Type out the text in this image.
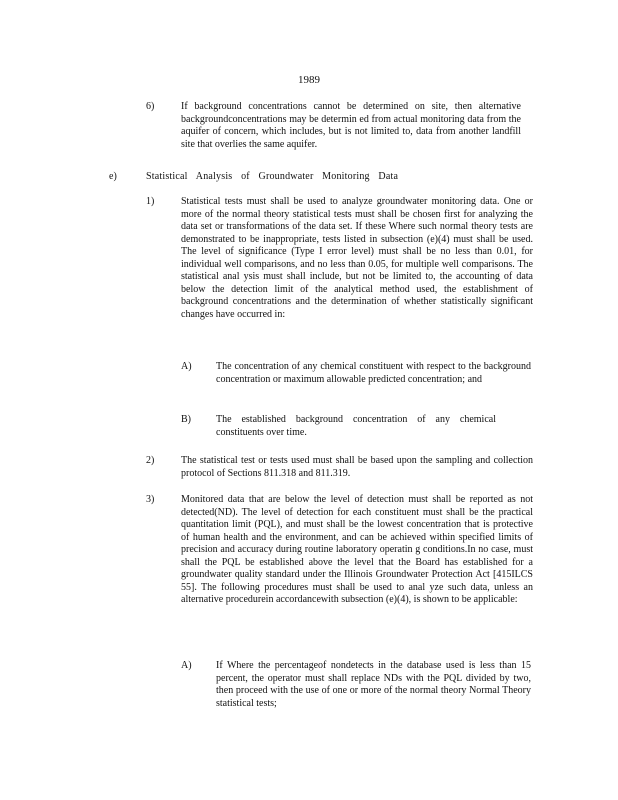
1989
6)	If background concentrations cannot be determined on site, then alternative backgroundconcentrations may be determin ed from actual monitoring data from the aquifer of concern, which includes, but is not limited to, data from another landfill site that overlies the same aquifer.
e)	Statistical Analysis of Groundwater Monitoring Data
1)	Statistical tests must shall be used to analyze groundwater monitoring data. One or more of the normal theory statistical tests must shall be chosen first for analyzing the data set or transformations of the data set. If these Where such normal theory tests are demonstrated to be inappropriate, tests listed in subsection (e)(4) must shall be used. The level of significance (Type I error level) must shall be no less than 0.01, for individual well comparisons, and no less than 0.05, for multiple well comparisons. The statistical anal ysis must shall include, but not be limited to, the accounting of data below the detection limit of the analytical method used, the establishment of background concentrations and the determination of whether statistically significant changes have occurred in:
A) The concentration of any chemical constituent with respect to the background concentration or maximum allowable predicted concentration; and
B)	The established background concentration of any chemical constituents over time.
2)	The statistical test or tests used must shall be based upon the sampling and collection protocol of Sections 811.318 and 811.319.
3)	Monitored data that are below the level of detection must shall be reported as not detected(ND). The level of detection for each constituent must shall be the practical quantitation limit (PQL), and must shall be the lowest concentration that is protective of human health and the environment, and can be achieved within specified limits of precision and accuracy during routine laboratory operatin g conditions.In no case, must shall the PQL be established above the level that the Board has established for a groundwater quality standard under the Illinois Groundwater Protection Act [415ILCS 55]. The following procedures must shall be used to anal yze such data, unless an alternative procedurein accordancewith subsection (e)(4), is shown to be applicable:
A) If Where the percentageof nondetects in the database used is less than 15 percent, the operator must shall replace NDs with the PQL divided by two, then proceed with the use of one or more of the normal theory Normal Theory statistical tests;
